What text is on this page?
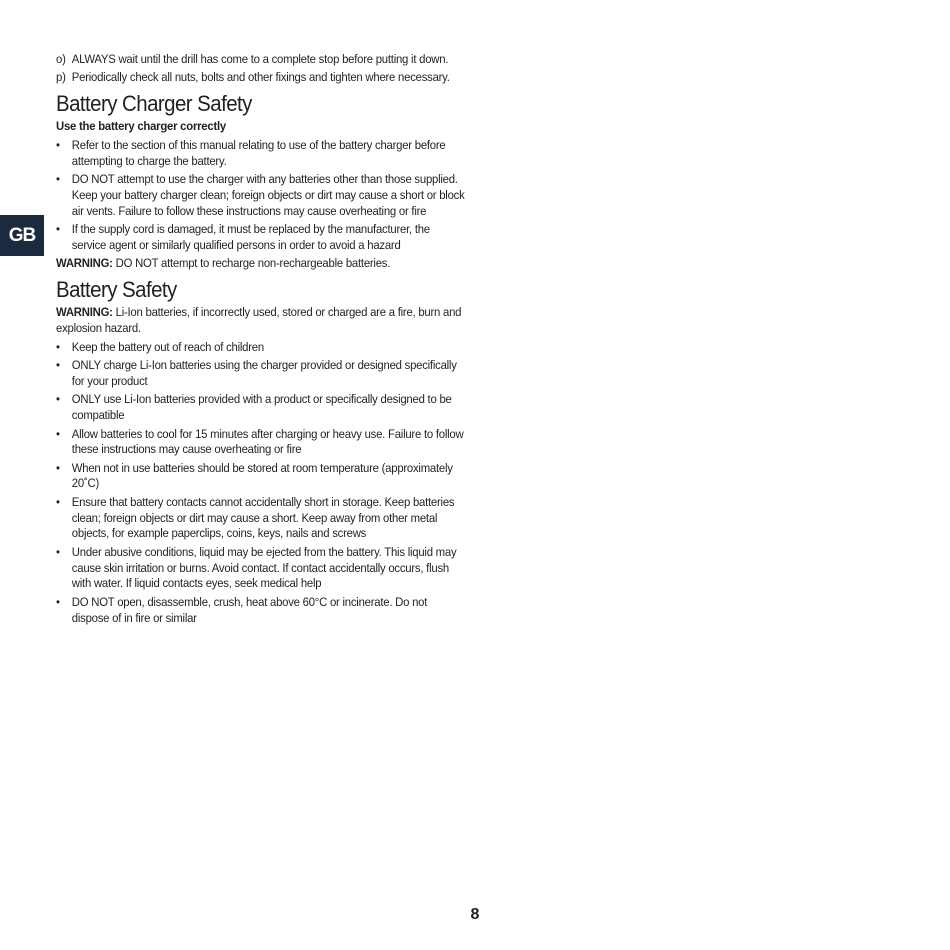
GB
o) ALWAYS wait until the drill has come to a complete stop before putting it down.
p) Periodically check all nuts, bolts and other fixings and tighten where necessary.
Battery Charger Safety
Use the battery charger correctly
• Refer to the section of this manual relating to use of the battery charger before attempting to charge the battery.
• DO NOT attempt to use the charger with any batteries other than those supplied. Keep your battery charger clean; foreign objects or dirt may cause a short or block air vents. Failure to follow these instructions may cause overheating or fire
• If the supply cord is damaged, it must be replaced by the manufacturer, the service agent or similarly qualified persons in order to avoid a hazard
WARNING: DO NOT attempt to recharge non-rechargeable batteries.
Battery Safety
WARNING: Li-Ion batteries, if incorrectly used, stored or charged are a fire, burn and explosion hazard.
• Keep the battery out of reach of children
• ONLY charge Li-Ion batteries using the charger provided or designed specifically for your product
• ONLY use Li-Ion batteries provided with a product or specifically designed to be compatible
• Allow batteries to cool for 15 minutes after charging or heavy use. Failure to follow these instructions may cause overheating or fire
• When not in use batteries should be stored at room temperature (approximately 20˚C)
• Ensure that battery contacts cannot accidentally short in storage. Keep batteries clean; foreign objects or dirt may cause a short. Keep away from other metal objects, for example paperclips, coins, keys, nails and screws
• Under abusive conditions, liquid may be ejected from the battery. This liquid may cause skin irritation or burns. Avoid contact. If contact accidentally occurs, flush with water. If liquid contacts eyes, seek medical help
• DO NOT open, disassemble, crush, heat above 60°C or incinerate. Do not dispose of in fire or similar
8
